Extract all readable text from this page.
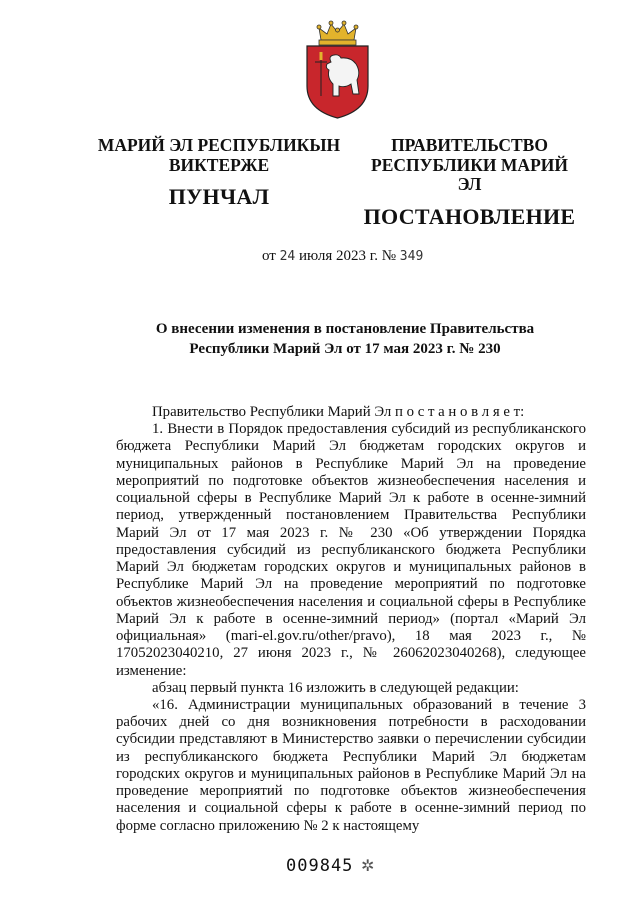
МАРИЙ ЭЛ РЕСПУБЛИКЫН
ВИКТЕРЖЕ
ПУНЧАЛ
ПРАВИТЕЛЬСТВО
РЕСПУБЛИКИ МАРИЙ ЭЛ
ПОСТАНОВЛЕНИЕ
от 24 июля 2023 г. № 349
О внесении изменения в постановление Правительства
Республики Марий Эл от 17 мая 2023 г. № 230

Правительство Республики Марий Эл п о с т а н о в л я е т:

1. Внести в Порядок предоставления субсидий из республиканского бюджета Республики Марий Эл бюджетам городских округов и муниципальных районов в Республике Марий Эл на проведение мероприятий по подготовке объектов жизнеобеспечения населения и социальной сферы в Республике Марий Эл к работе в осенне-зимний период, утвержденный постановлением Правительства Республики Марий Эл от 17 мая 2023 г. № 230 «Об утверждении Порядка предоставления субсидий из республиканского бюджета Республики Марий Эл бюджетам городских округов и муниципальных районов в Республике Марий Эл на проведение мероприятий по подготовке объектов жизнеобеспечения населения и социальной сферы в Республике Марий Эл к работе в осенне-зимний период» (портал «Марий Эл официальная» (mari-el.gov.ru/other/pravo), 18 мая 2023 г., № 17052023040210, 27 июня 2023 г., № 26062023040268), следующее изменение:

абзац первый пункта 16 изложить в следующей редакции:

«16. Администрации муниципальных образований в течение 3 рабочих дней со дня возникновения потребности в расходовании субсидии представляют в Министерство заявки о перечислении субсидии из республиканского бюджета Республики Марий Эл бюджетам городских округов и муниципальных районов в Республике Марий Эл на проведение мероприятий по подготовке объектов жизнеобеспечения населения и социальной сферы к работе в осенне-зимний период по форме согласно приложению № 2 к настоящему

009845 ✲
